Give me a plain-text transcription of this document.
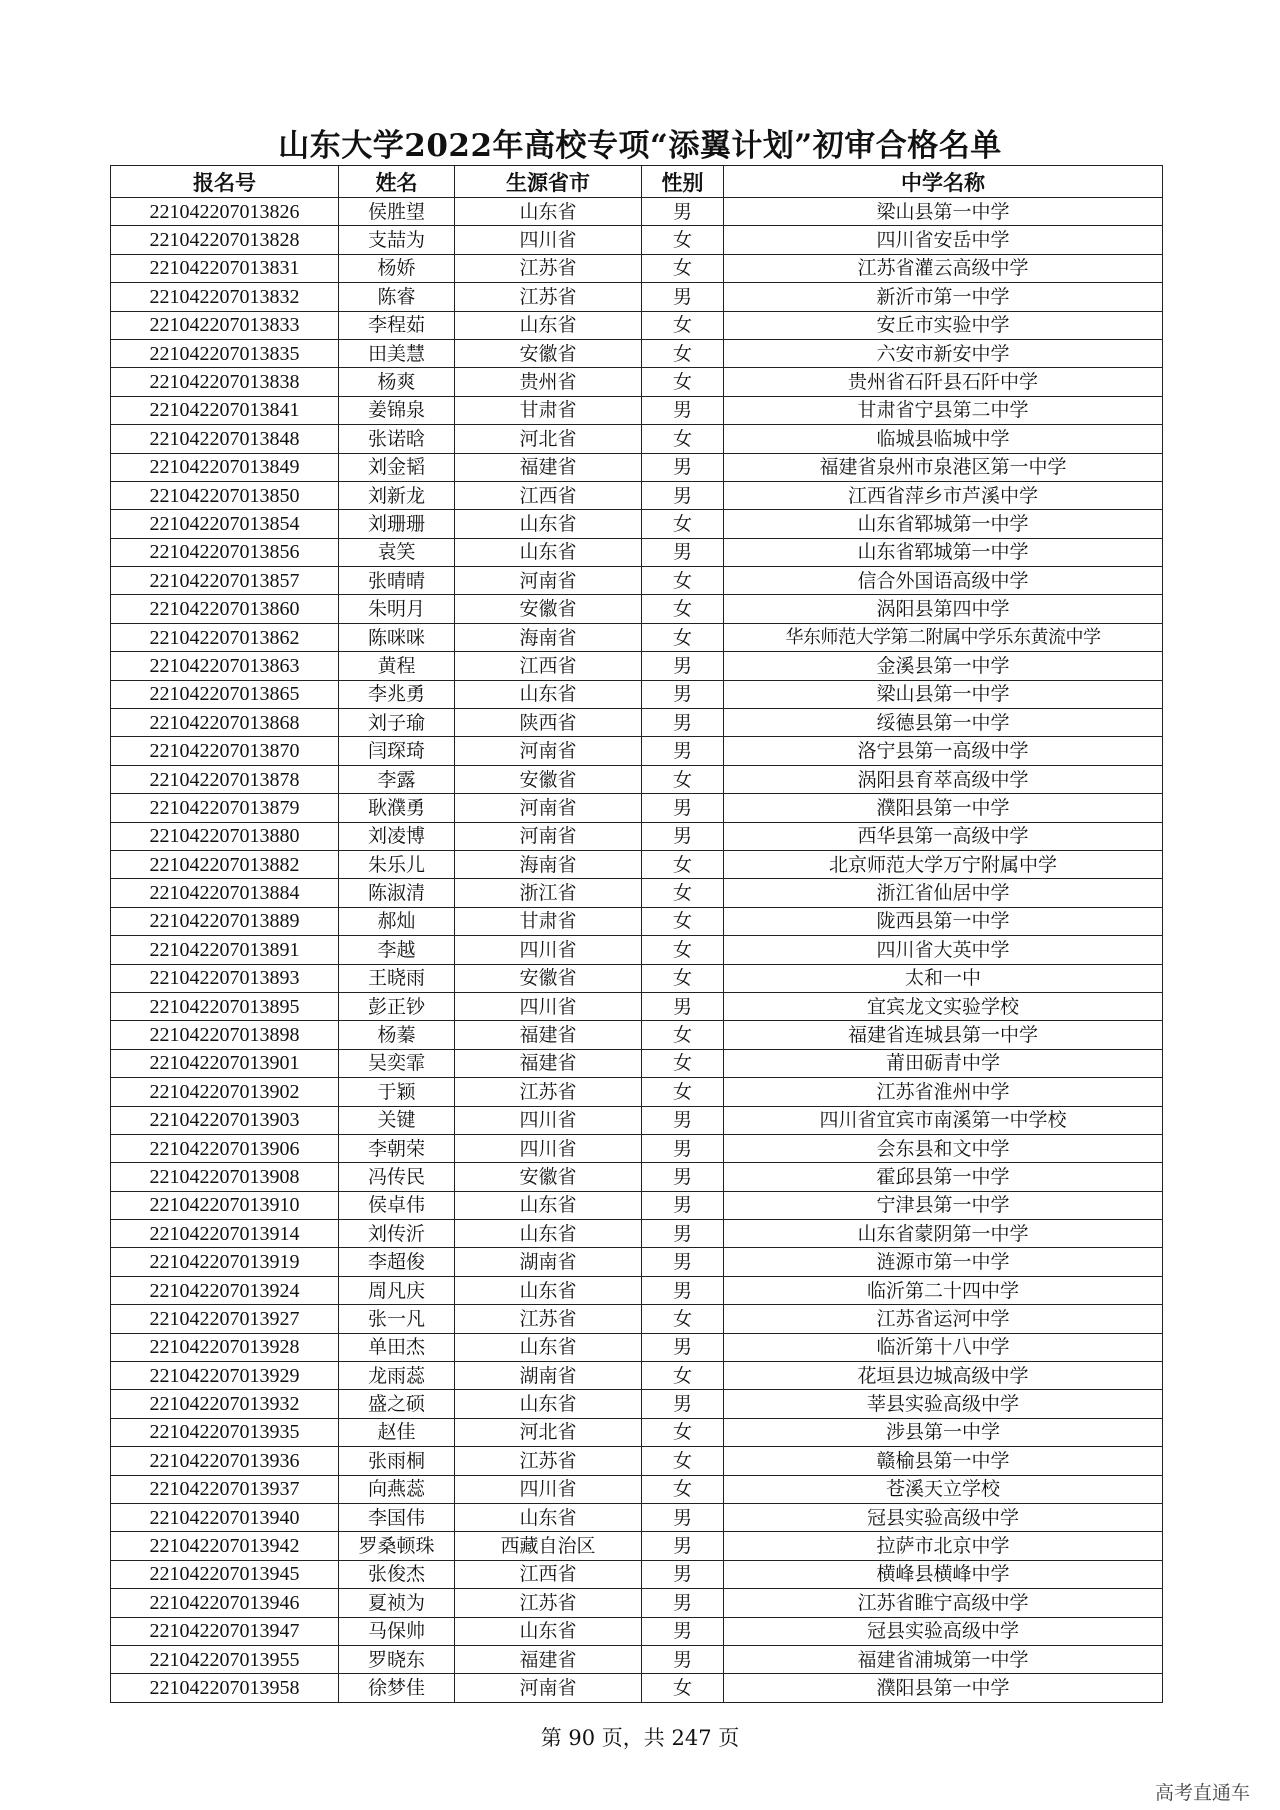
山东大学2022年高校专项“添翼计划”初审合格名单
报名号	姓名	生源省市	性别	中学名称
221042207013826	侯胜望	山东省	男	梁山县第一中学
221042207013828	支喆为	四川省	女	四川省安岳中学
221042207013831	杨娇	江苏省	女	江苏省灌云高级中学
221042207013832	陈睿	江苏省	男	新沂市第一中学
221042207013833	李程茹	山东省	女	安丘市实验中学
221042207013835	田美慧	安徽省	女	六安市新安中学
221042207013838	杨爽	贵州省	女	贵州省石阡县石阡中学
221042207013841	姜锦泉	甘肃省	男	甘肃省宁县第二中学
221042207013848	张诺晗	河北省	女	临城县临城中学
221042207013849	刘金韬	福建省	男	福建省泉州市泉港区第一中学
221042207013850	刘新龙	江西省	男	江西省萍乡市芦溪中学
221042207013854	刘珊珊	山东省	女	山东省郓城第一中学
221042207013856	袁笑	山东省	男	山东省郓城第一中学
221042207013857	张晴晴	河南省	女	信合外国语高级中学
221042207013860	朱明月	安徽省	女	涡阳县第四中学
221042207013862	陈咪咪	海南省	女	华东师范大学第二附属中学乐东黄流中学
221042207013863	黄程	江西省	男	金溪县第一中学
221042207013865	李兆勇	山东省	男	梁山县第一中学
221042207013868	刘子瑜	陕西省	男	绥德县第一中学
221042207013870	闫琛琦	河南省	男	洛宁县第一高级中学
221042207013878	李露	安徽省	女	涡阳县育萃高级中学
221042207013879	耿濮勇	河南省	男	濮阳县第一中学
221042207013880	刘凌博	河南省	男	西华县第一高级中学
221042207013882	朱乐儿	海南省	女	北京师范大学万宁附属中学
221042207013884	陈淑清	浙江省	女	浙江省仙居中学
221042207013889	郝灿	甘肃省	女	陇西县第一中学
221042207013891	李越	四川省	女	四川省大英中学
221042207013893	王晓雨	安徽省	女	太和一中
221042207013895	彭正钞	四川省	男	宜宾龙文实验学校
221042207013898	杨蓁	福建省	女	福建省连城县第一中学
221042207013901	吴奕霏	福建省	女	莆田砺青中学
221042207013902	于颖	江苏省	女	江苏省淮州中学
221042207013903	关键	四川省	男	四川省宜宾市南溪第一中学校
221042207013906	李朝荣	四川省	男	会东县和文中学
221042207013908	冯传民	安徽省	男	霍邱县第一中学
221042207013910	侯卓伟	山东省	男	宁津县第一中学
221042207013914	刘传沂	山东省	男	山东省蒙阴第一中学
221042207013919	李超俊	湖南省	男	涟源市第一中学
221042207013924	周凡庆	山东省	男	临沂第二十四中学
221042207013927	张一凡	江苏省	女	江苏省运河中学
221042207013928	单田杰	山东省	男	临沂第十八中学
221042207013929	龙雨蕊	湖南省	女	花垣县边城高级中学
221042207013932	盛之硕	山东省	男	莘县实验高级中学
221042207013935	赵佳	河北省	女	涉县第一中学
221042207013936	张雨桐	江苏省	女	赣榆县第一中学
221042207013937	向燕蕊	四川省	女	苍溪天立学校
221042207013940	李国伟	山东省	男	冠县实验高级中学
221042207013942	罗桑顿珠	西藏自治区	男	拉萨市北京中学
221042207013945	张俊杰	江西省	男	横峰县横峰中学
221042207013946	夏祯为	江苏省	男	江苏省睢宁高级中学
221042207013947	马保帅	山东省	男	冠县实验高级中学
221042207013955	罗晓东	福建省	男	福建省浦城第一中学
221042207013958	徐梦佳	河南省	女	濮阳县第一中学
第 90 页，共 247 页
高考直通车
